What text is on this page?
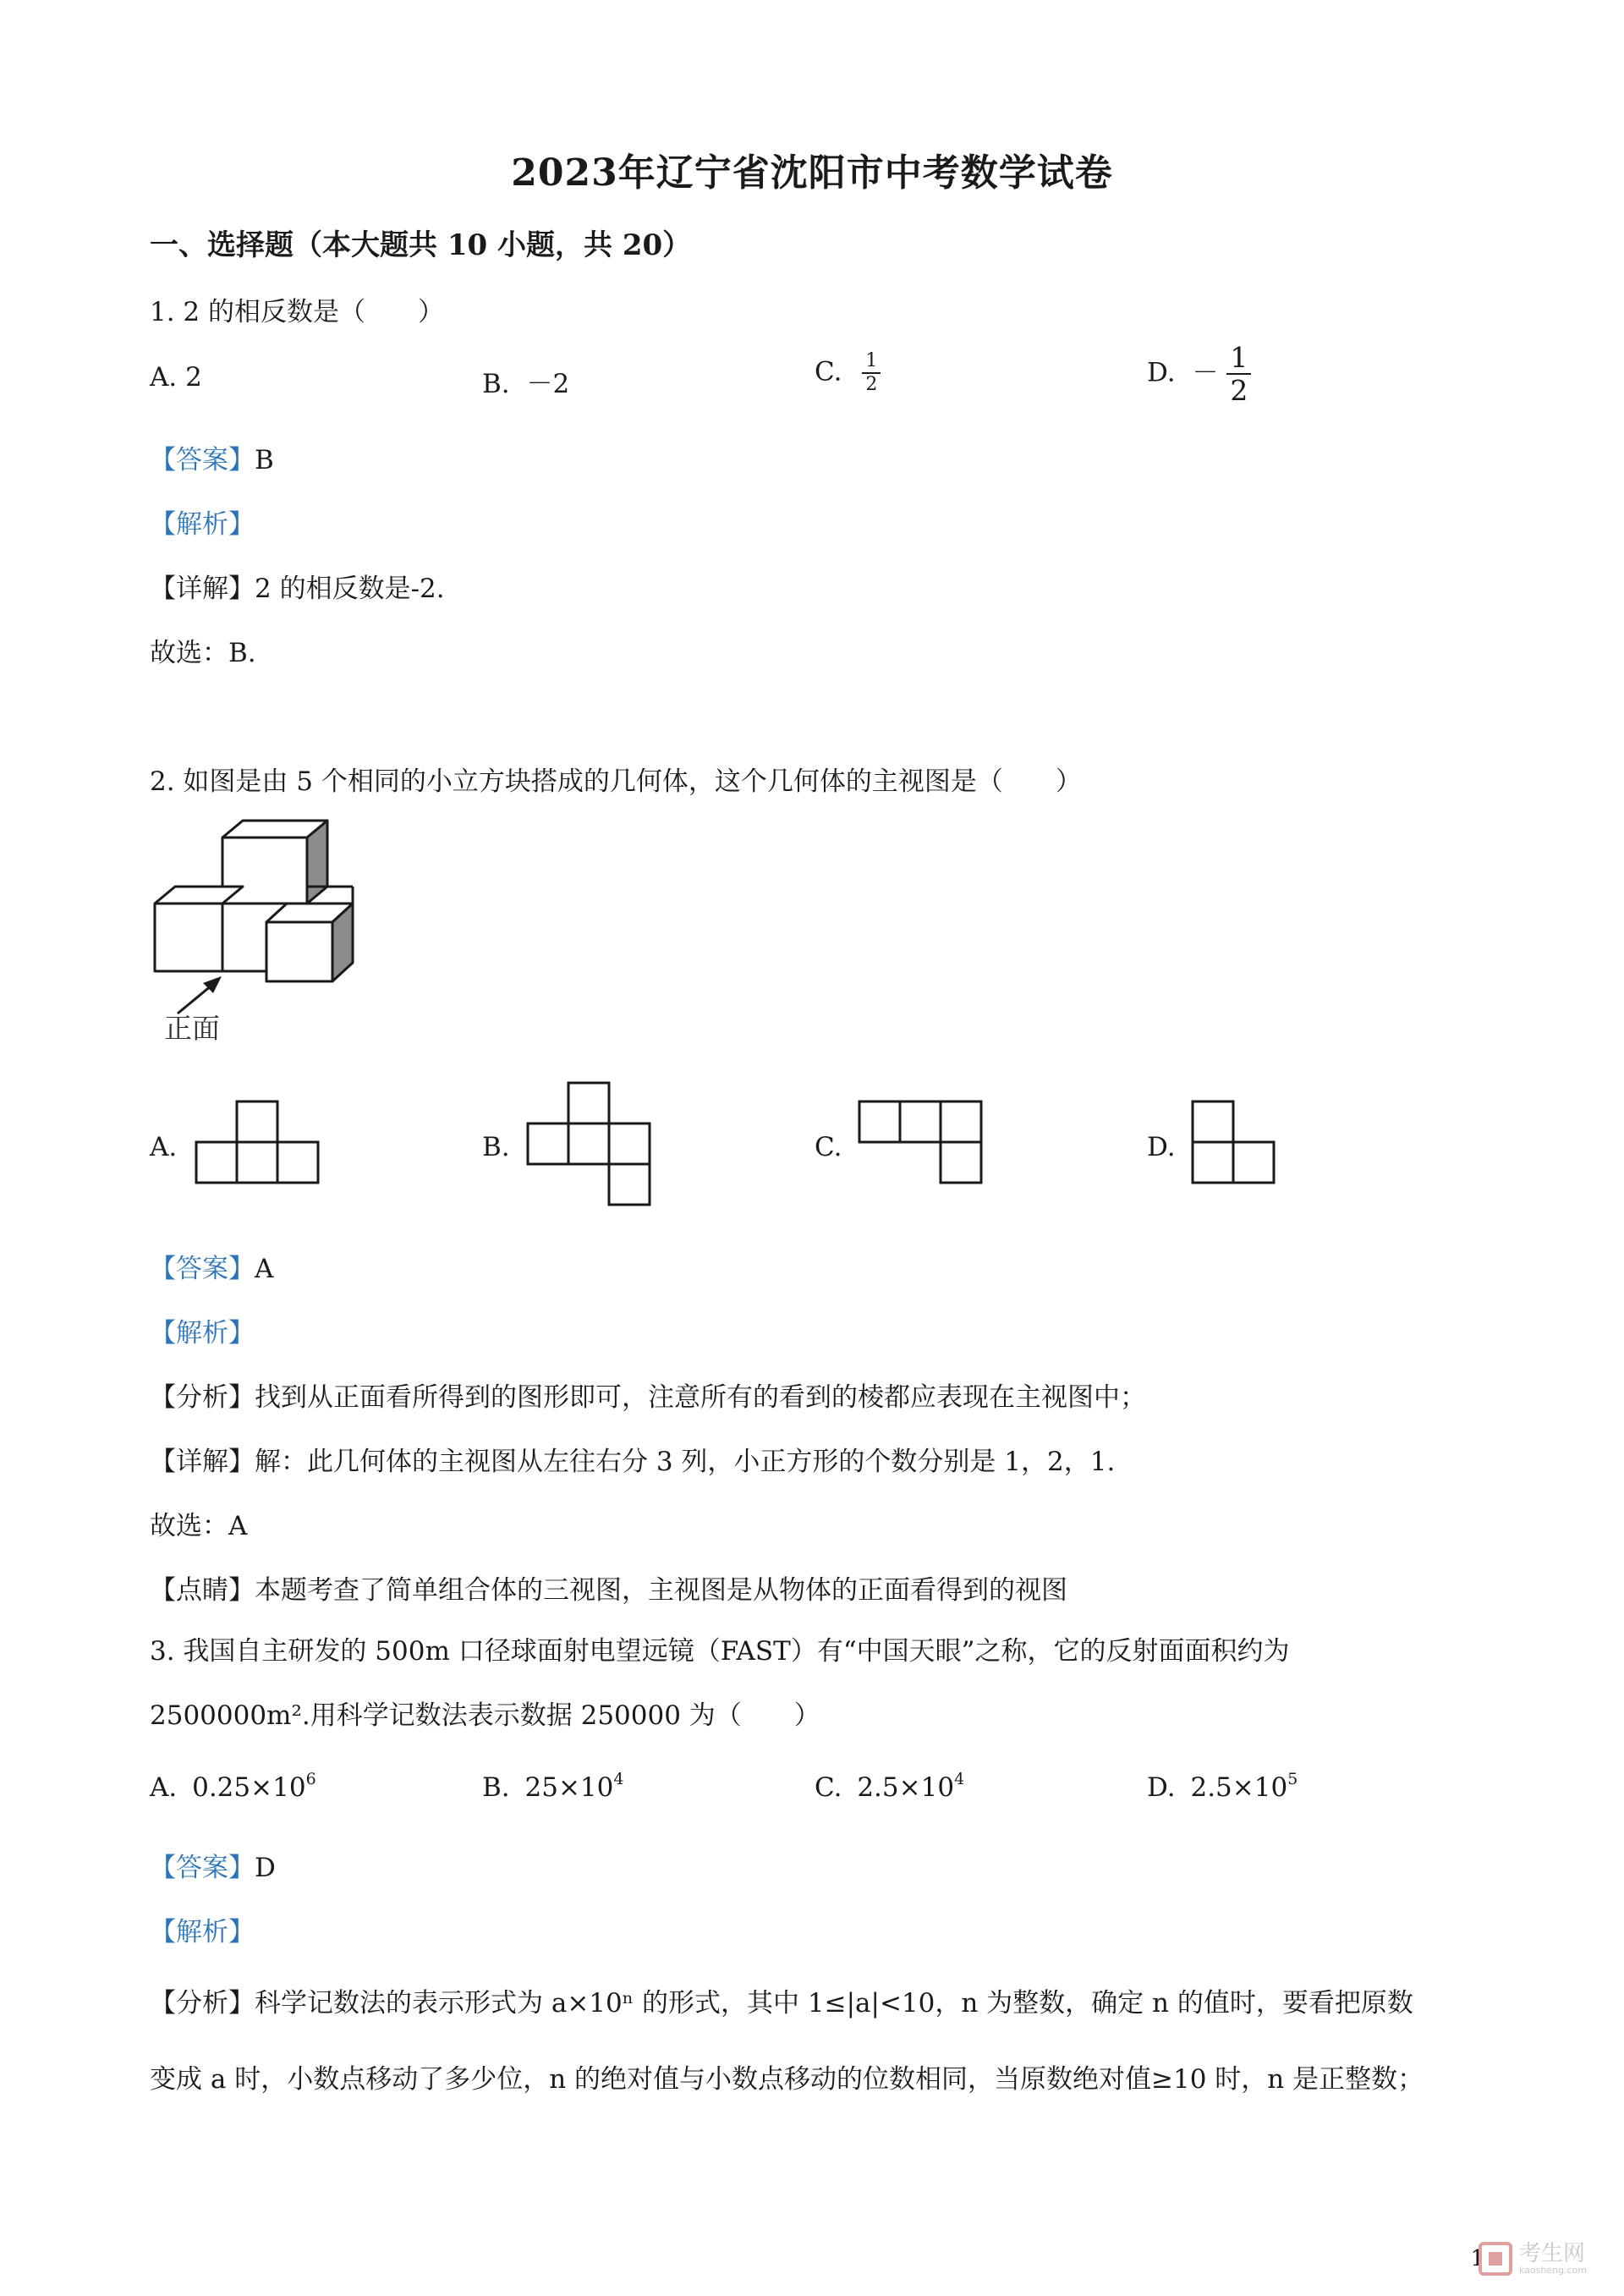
2023年辽宁省沈阳市中考数学试卷
一、选择题（本大题共 10 小题，共 20）
1. 2 的相反数是（　　）
A. 2	B. －2	C. $\frac{1}{2}$	D. － $\frac{1}{2}$
【答案】B
【解析】
【详解】2 的相反数是-2.
故选：B.
2. 如图是由 5 个相同的小立方块搭成的几何体，这个几何体的主视图是（　　）
正面
A.	B.	C.	D.
【答案】A
【解析】
【分析】找到从正面看所得到的图形即可，注意所有的看到的棱都应表现在主视图中；
【详解】解：此几何体的主视图从左往右分 3 列，小正方形的个数分别是 1，2，1.
故选：A
【点睛】本题考查了简单组合体的三视图，主视图是从物体的正面看得到的视图
3. 我国自主研发的 500m 口径球面射电望远镜（FAST）有“中国天眼”之称，它的反射面面积约为
2500000m².用科学记数法表示数据 250000 为（　　）
A. $0.25\times 10^6$	B. $25\times 10^4$	C. $2.5\times 10^4$	D. $2.5\times 10^5$
【答案】D
【解析】
【分析】科学记数法的表示形式为 a×10ⁿ 的形式，其中 1≤|a|<10，n 为整数，确定 n 的值时，要看把原数
变成 a 时，小数点移动了多少位，n 的绝对值与小数点移动的位数相同，当原数绝对值≥10 时，n 是正整数；
1 考生网
kaosheng.com
